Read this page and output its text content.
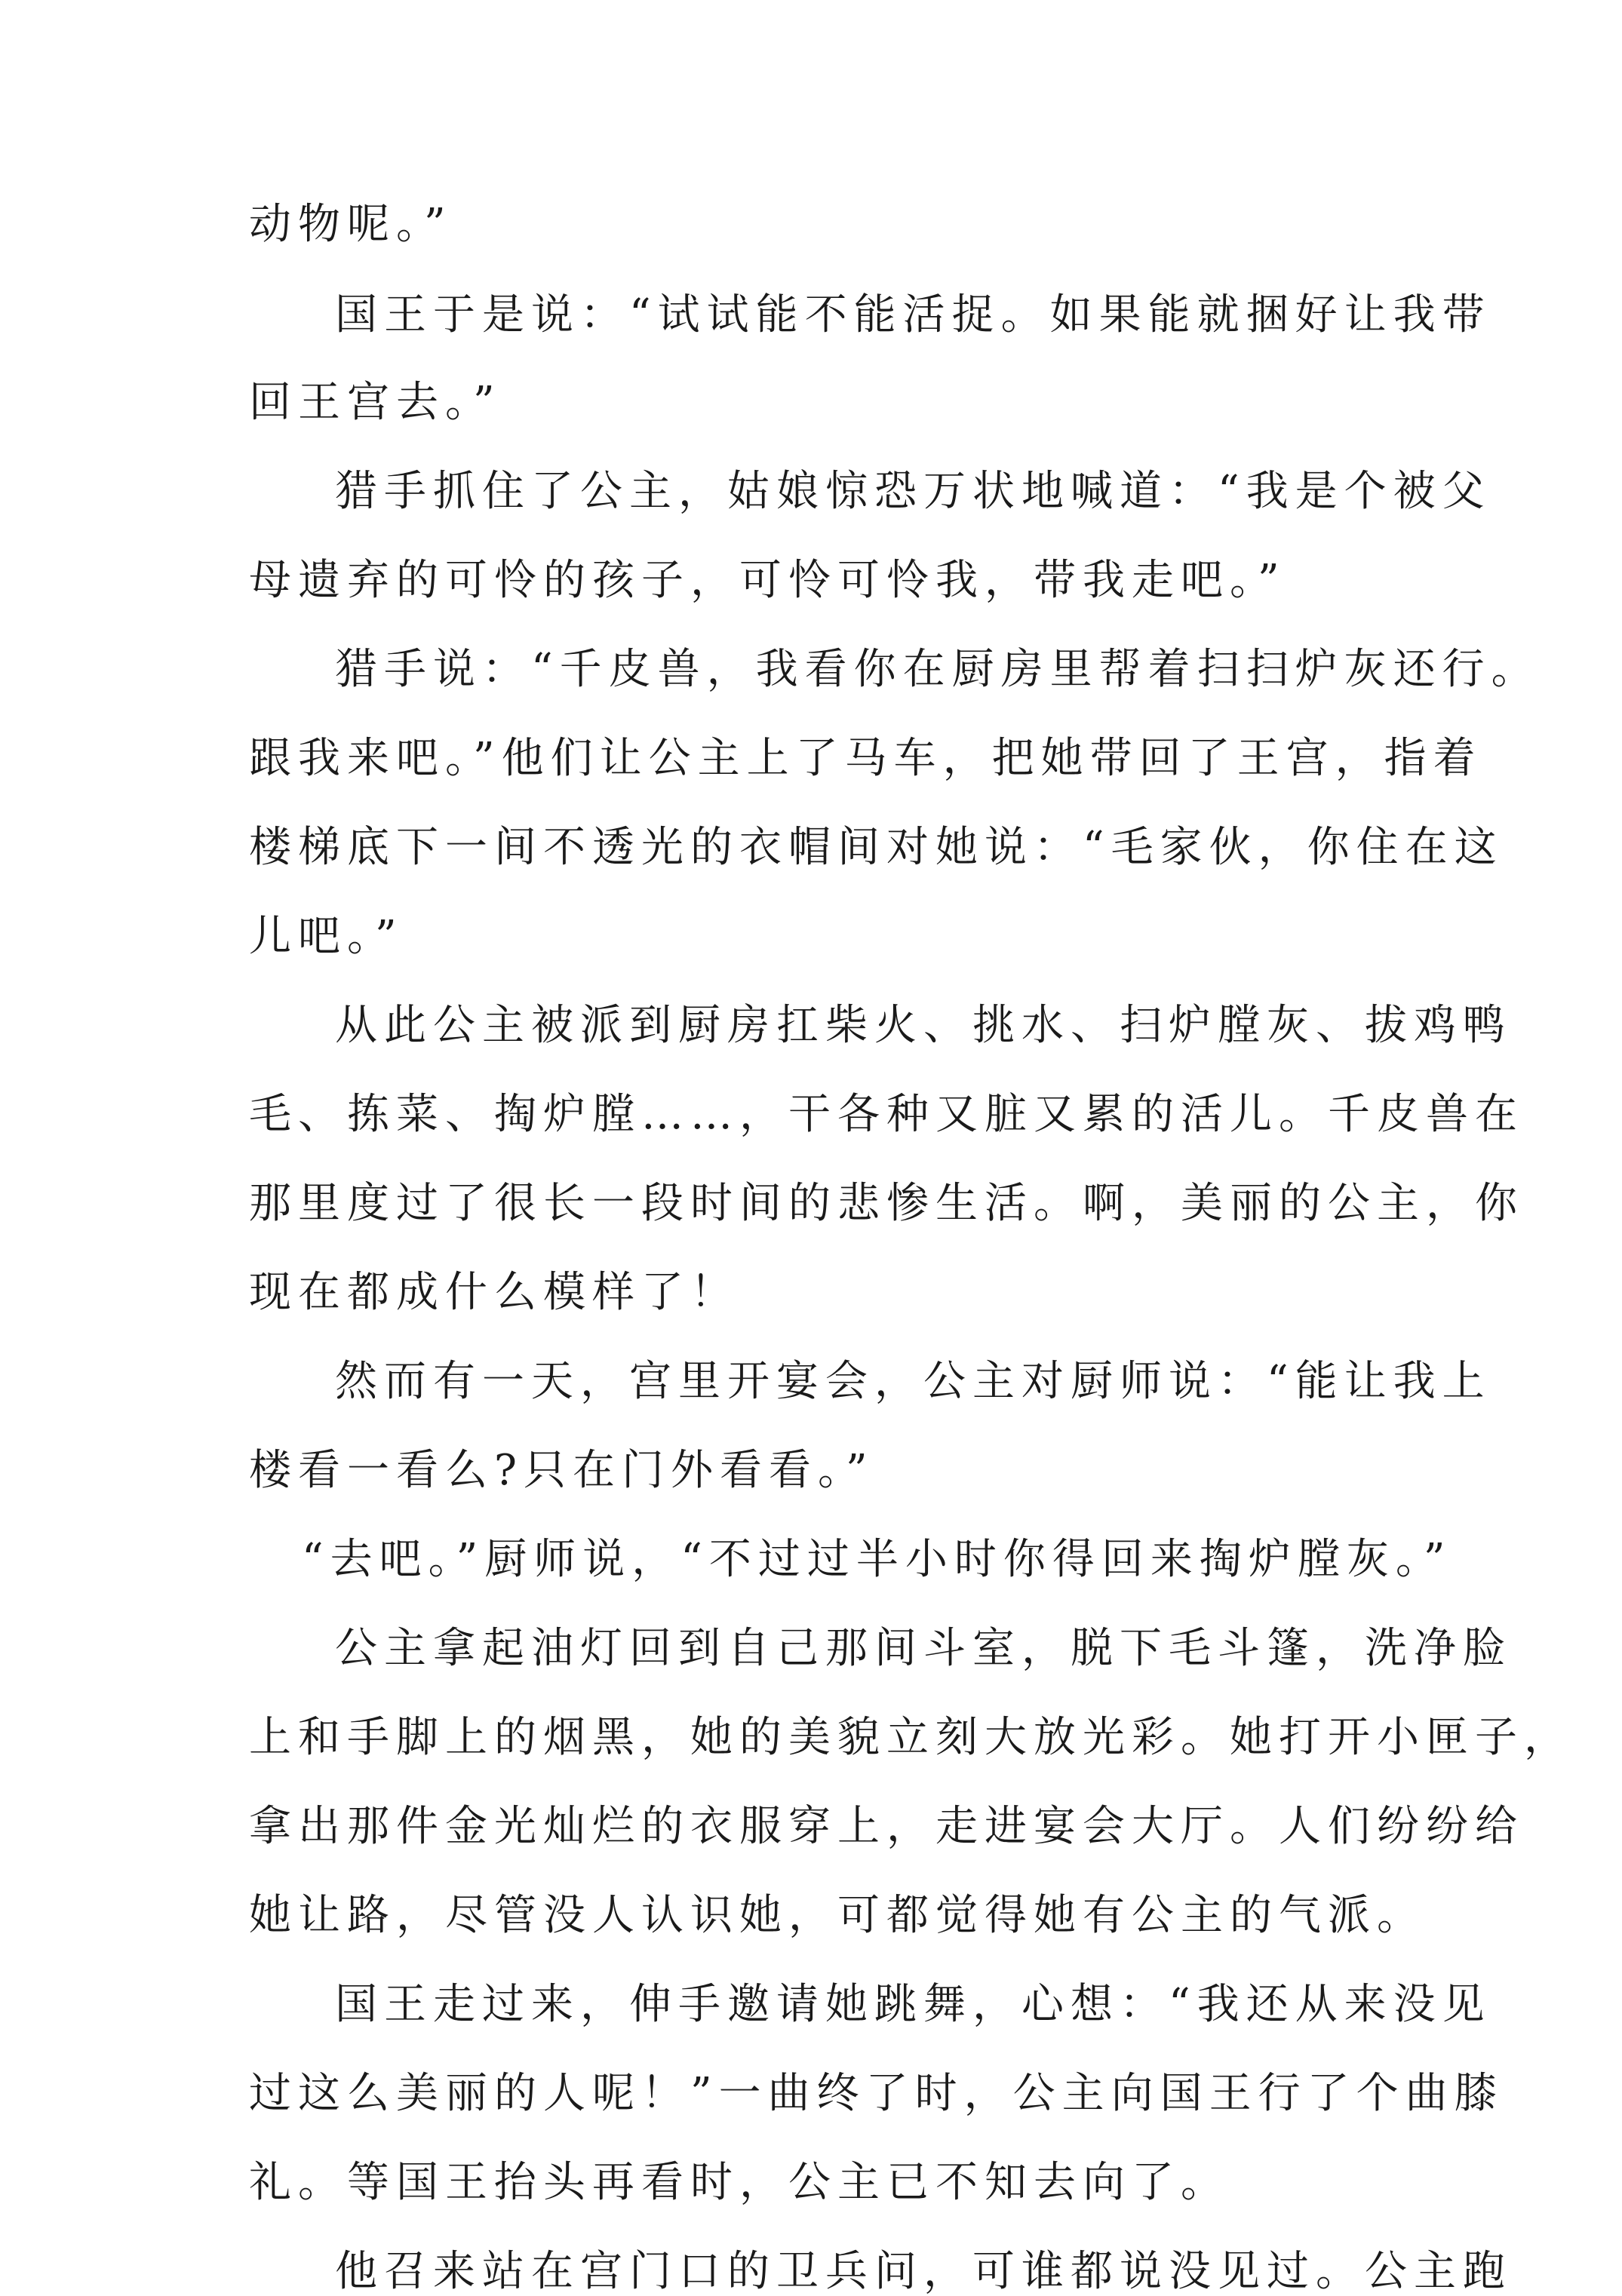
动物呢。”

国王于是说：“试试能不能活捉。如果能就捆好让我带

回王宫去。”

猎手抓住了公主，姑娘惊恐万状地喊道：“我是个被父

母遗弃的可怜的孩子，可怜可怜我，带我走吧。”

猎手说：“千皮兽，我看你在厨房里帮着扫扫炉灰还行。

跟我来吧。”他们让公主上了马车，把她带回了王宫，指着

楼梯底下一间不透光的衣帽间对她说：“毛家伙，你住在这

儿吧。”

从此公主被派到厨房扛柴火、挑水、扫炉膛灰、拔鸡鸭

毛、拣菜、掏炉膛……，干各种又脏又累的活儿。千皮兽在

那里度过了很长一段时间的悲惨生活。啊，美丽的公主，你

现在都成什么模样了！

然而有一天，宫里开宴会，公主对厨师说：“能让我上

楼看一看么?只在门外看看。”

“去吧。”厨师说，“不过过半小时你得回来掏炉膛灰。”

公主拿起油灯回到自己那间斗室，脱下毛斗篷，洗净脸

上和手脚上的烟黑，她的美貌立刻大放光彩。她打开小匣子，

拿出那件金光灿烂的衣服穿上，走进宴会大厅。人们纷纷给

她让路，尽管没人认识她，可都觉得她有公主的气派。

国王走过来，伸手邀请她跳舞，心想：“我还从来没见

过这么美丽的人呢！”一曲终了时，公主向国王行了个曲膝

礼。等国王抬头再看时，公主已不知去向了。

他召来站在宫门口的卫兵问，可谁都说没见过。公主跑
